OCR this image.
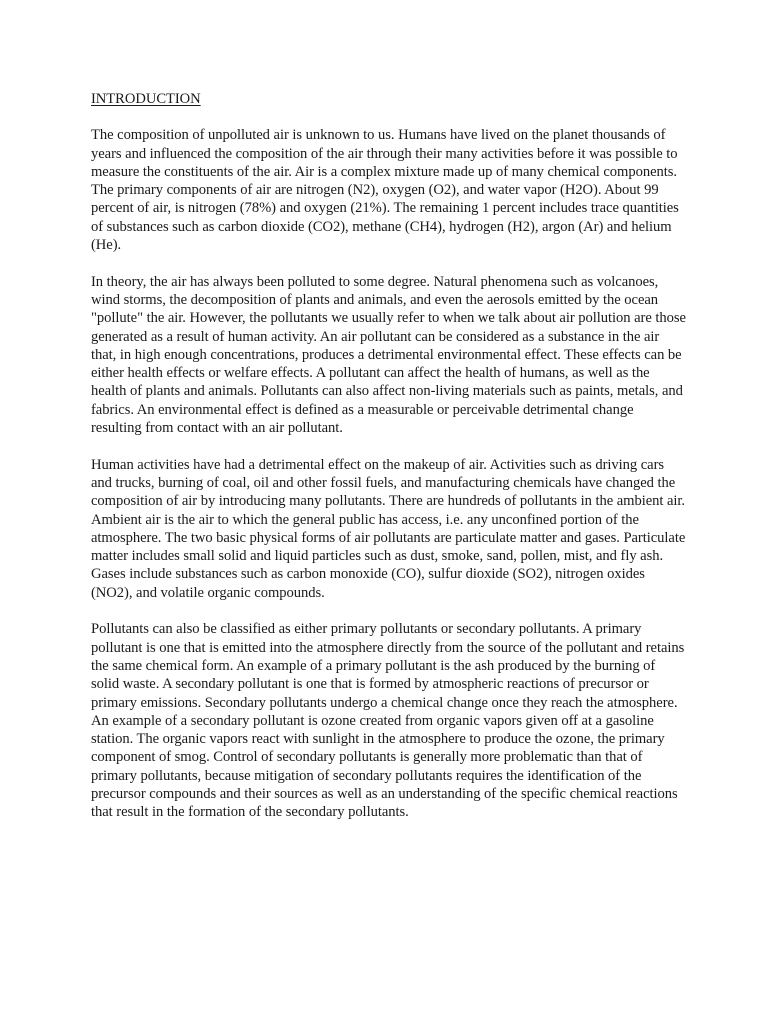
INTRODUCTION

The composition of unpolluted air is unknown to us. Humans have lived on the planet thousands of years and influenced the composition of the air through their many activities before it was possible to measure the constituents of the air. Air is a complex mixture made up of many chemical components. The primary components of air are nitrogen (N2), oxygen (O2), and water vapor (H2O). About 99 percent of air, is nitrogen (78%) and oxygen (21%). The remaining 1 percent includes trace quantities of substances such as carbon dioxide (CO2), methane (CH4), hydrogen (H2), argon (Ar) and helium (He).

In theory, the air has always been polluted to some degree. Natural phenomena such as volcanoes, wind storms, the decomposition of plants and animals, and even the aerosols emitted by the ocean "pollute" the air. However, the pollutants we usually refer to when we talk about air pollution are those generated as a result of human activity. An air pollutant can be considered as a substance in the air that, in high enough concentrations, produces a detrimental environmental effect. These effects can be either health effects or welfare effects. A pollutant can affect the health of humans, as well as the health of plants and animals. Pollutants can also affect non-living materials such as paints, metals, and fabrics. An environmental effect is defined as a measurable or perceivable detrimental change resulting from contact with an air pollutant.

Human activities have had a detrimental effect on the makeup of air. Activities such as driving cars and trucks, burning of coal, oil and other fossil fuels, and manufacturing chemicals have changed the composition of air by introducing many pollutants. There are hundreds of pollutants in the ambient air. Ambient air is the air to which the general public has access, i.e. any unconfined portion of the atmosphere. The two basic physical forms of air pollutants are particulate matter and gases. Particulate matter includes small solid and liquid particles such as dust, smoke, sand, pollen, mist, and fly ash. Gases include substances such as carbon monoxide (CO), sulfur dioxide (SO2), nitrogen oxides (NO2), and volatile organic compounds.

Pollutants can also be classified as either primary pollutants or secondary pollutants. A primary pollutant is one that is emitted into the atmosphere directly from the source of the pollutant and retains the same chemical form. An example of a primary pollutant is the ash produced by the burning of solid waste. A secondary pollutant is one that is formed by atmospheric reactions of precursor or primary emissions. Secondary pollutants undergo a chemical change once they reach the atmosphere. An example of a secondary pollutant is ozone created from organic vapors given off at a gasoline station. The organic vapors react with sunlight in the atmosphere to produce the ozone, the primary component of smog. Control of secondary pollutants is generally more problematic than that of primary pollutants, because mitigation of secondary pollutants requires the identification of the precursor compounds and their sources as well as an understanding of the specific chemical reactions that result in the formation of the secondary pollutants.
